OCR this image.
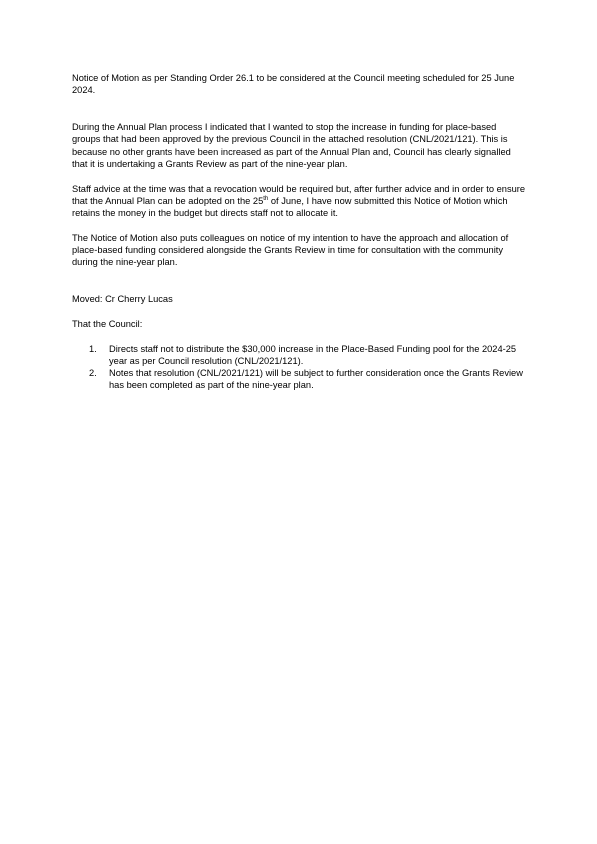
Notice of Motion as per Standing Order 26.1 to be considered at the Council meeting scheduled for 25 June 2024.

During the Annual Plan process I indicated that I wanted to stop the increase in funding for place-based groups that had been approved by the previous Council in the attached resolution (CNL/2021/121). This is because no other grants have been increased as part of the Annual Plan and, Council has clearly signalled that it is undertaking a Grants Review as part of the nine-year plan.

Staff advice at the time was that a revocation would be required but, after further advice and in order to ensure that the Annual Plan can be adopted on the 25th of June, I have now submitted this Notice of Motion which retains the money in the budget but directs staff not to allocate it.

The Notice of Motion also puts colleagues on notice of my intention to have the approach and allocation of place-based funding considered alongside the Grants Review in time for consultation with the community during the nine-year plan.

Moved: Cr Cherry Lucas

That the Council:

1. Directs staff not to distribute the $30,000 increase in the Place-Based Funding pool for the 2024-25 year as per Council resolution (CNL/2021/121).
2. Notes that resolution (CNL/2021/121) will be subject to further consideration once the Grants Review has been completed as part of the nine-year plan.
